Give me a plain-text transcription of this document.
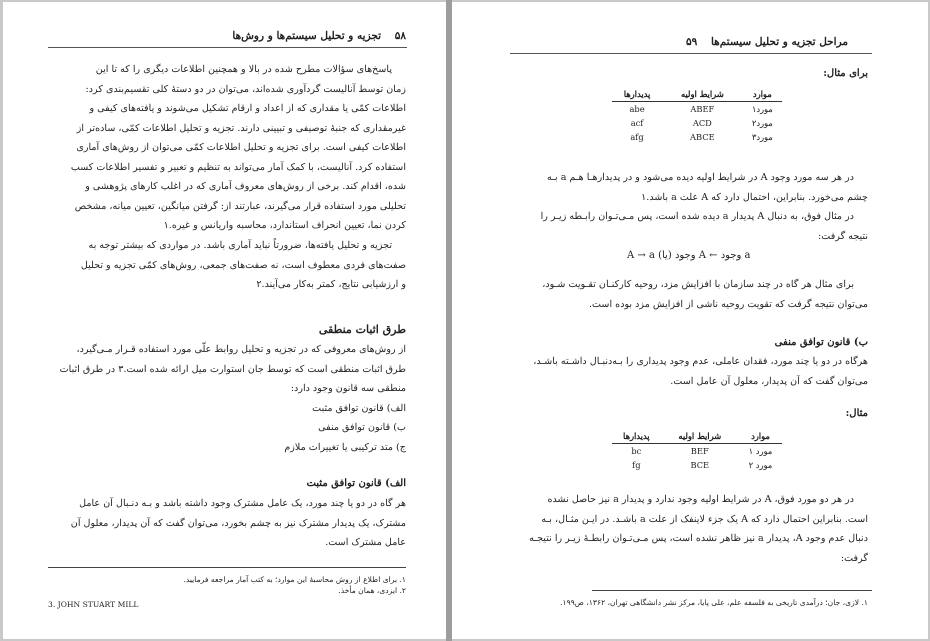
۵۸ تجزیه و تحلیل سیستم‌ها و روش‌ها
پاسخ‌های سؤالات مطرح شده در بالا و همچنین اطلاعات دیگری را که تا این
زمان توسط آنالیست گردآوری شده‌اند، می‌توان در دو دستهٔ کلی تقسیم‌بندی کرد:
اطلاعات کمّی یا مقداری که از اعداد و ارقام تشکیل می‌شوند و یافته‌های کیفی و
غیرمقداری که جنبهٔ توصیفی و تبیینی دارند. تجزیه و تحلیل اطلاعات کمّی، ساده‌تر از
اطلاعات کیفی است. برای تجزیه و تحلیل اطلاعات کمّی می‌توان از روش‌های آماری
استفاده کرد. آنالیست، با کمک آمار می‌تواند به تنظیم و تعبیر و تفسیر اطلاعات کسب
شده، اقدام کند. برخی از روش‌های معروف آماری که در اغلب کارهای پژوهشی و
تحلیلی مورد استفاده قرار می‌گیرند، عبارتند از: گرفتن میانگین، تعیین میانه، مشخص
کردن نما، تعیین انحراف استاندارد، محاسبه واریانس و غیره.۱
تجزیه و تحلیل یافته‌ها، ضرورتاً نباید آماری باشد. در مواردی که بیشتر توجه به
صفت‌های فردی معطوف است، نه صفت‌های جمعی، روش‌های کمّی تجزیه و تحلیل
و ارزشیابی نتایج، کمتر به‌کار می‌آیند.۲
طرق اثبات منطقی
از روش‌های معروفی که در تجزیه و تحلیل روابط علّی مورد استفاده قـرار مـی‌گیرد،
طرق اثبات منطقی است که توسط جان استوارت میل ارائه شده است.۳ در طرق اثبات
منطقی سه قانون وجود دارد:
الف) قانون توافق مثبت
ب) قانون توافق منفی
ج) متد ترکیبی یا تغییرات ملازم
الف) قانون توافق مثبت
هر گاه در دو یا چند مورد، یک عامل مشترک وجود داشته باشد و بـه دنـبال آن عامل
مشترک، یک پدیدار مشترک نیز به چشم بخورد، می‌توان گفت که آن پدیدار، معلول آن
عامل مشترک است.
۱. برای اطلاع از روش محاسبهٔ این موارد؛ به کتب آمار مراجعه فرمایید.
۲. ایزدی، همان مأخذ.
3. JOHN STUART MILL
مراحل تجزیه و تحلیل سیستم‌ها ۵۹
برای مثال:
موارد	شرایط اولیه	پدیدارها
مورد۱	ABEF	abe
مورد۲	ACD	acf
مورد۳	ABCE	afg
در هر سه مورد وجود A در شرایط اولیه دیده می‌شود و در پدیدارهـا هـم a بـه
چشم می‌خورد. بنابراین، احتمال دارد که A علت a باشد.۱
در مثال فوق، به دنبال A پدیدار a دیده شده است، پس مـی‌تـوان رابـطه زیـر را
نتیجه گرفت:
A → a (یا) وجود A ← وجود a
برای مثال هر گاه در چند سازمان با افزایش مزد، روحیه کارکنـان تقـویت شـود،
می‌توان نتیجه گرفت که تقویت روحیه ناشی از افزایش مزد بوده است.
ب) قانون توافق منفی
هرگاه در دو یا چند مورد، فقدان عاملی، عدم وجود پدیداری را بـه‌دنبـال داشـته باشـد،
می‌توان گفت که آن پدیدار، معلول آن عامل است.
مثال:
موارد	شرایط اولیه	پدیدارها
مورد ۱	BEF	bc
مورد ۲	BCE	fg
در هر دو مورد فوق، A در شرایط اولیه وجود ندارد و پدیدار a نیز حاصل نشده
است. بنابراین احتمال دارد که A یک جزء لاینفک از علت a باشـد. در ایـن مثـال، بـه
دنبال عدم وجود A، پدیدار a نیز ظاهر نشده است، پس مـی‌تـوان رابطـهٔ زیـر را نتیجـه
گرفت:
۱. لازی، جان؛ درآمدی تاریخی به فلسفه علم، علی پایا، مرکز نشر دانشگاهی تهران، ۱۳۶۲، ص۱۹۹.
